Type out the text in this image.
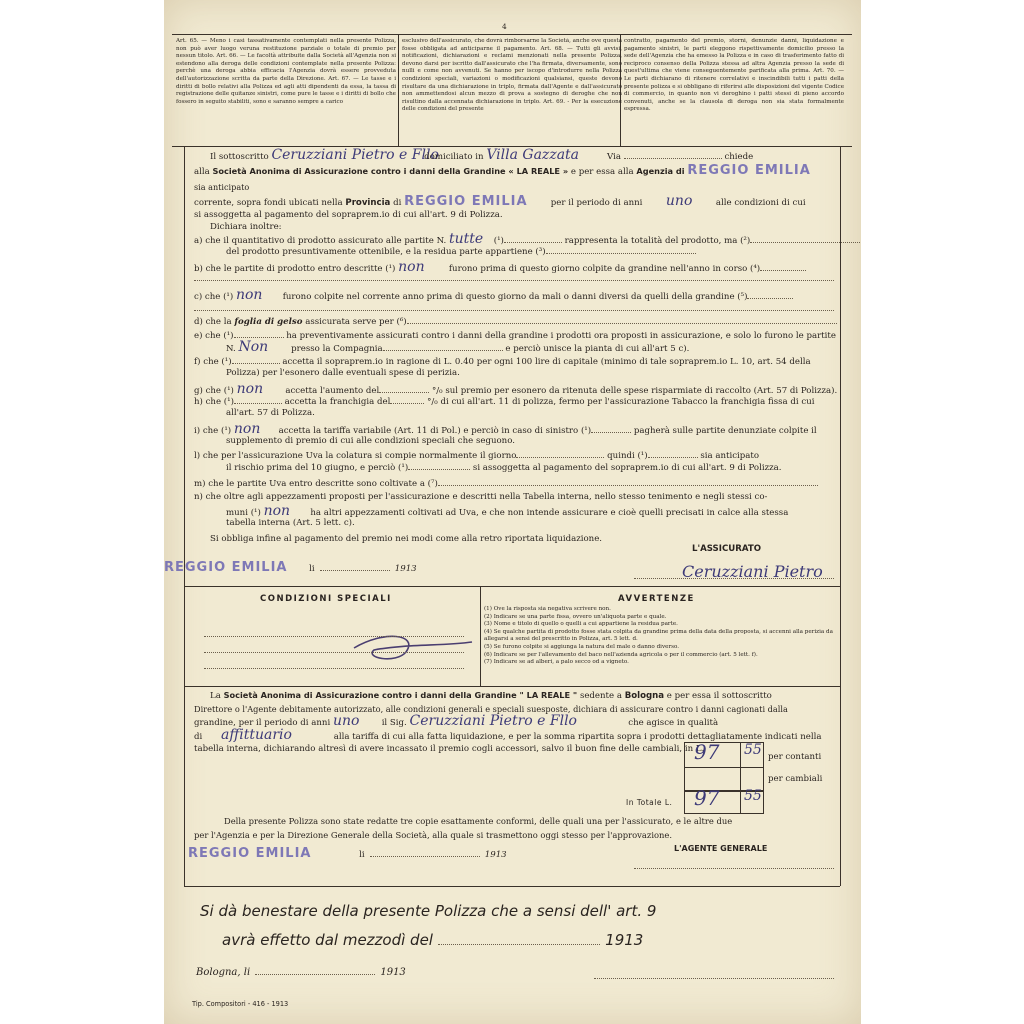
4
Art. 65. — Meno i casi tassativamente contemplati nella presente Polizza, non può aver luogo veruna restituzione parziale o totale di premio per nessun titolo. Art. 66. — Le facoltà attribuite dalla Società all'Agenzia non si estendono alla deroga delle condizioni contemplate nella presente Polizza: perchè una deroga abbia efficacia l'Agenzia dovrà essere provveduta dell'autorizzazione scritta da parte della Direzione. Art. 67. — Le tasse e i diritti di bollo relativi alla Polizza ed agli atti dipendenti da essa, la tassa di registrazione delle quitanze sinistri, come pure le tasse e i diritti di bollo che fossero in seguito stabiliti, sono e saranno sempre a carico
esclusivo dell'assicurato, che dovrà rimborsarne la Società, anche ove questa fosse obbligata ad anticiparne il pagamento. Art. 68. — Tutti gli avvisi, notificazioni, dichiarazioni e reclami menzionati nella presente Polizza, devono darsi per iscritto dall'assicurato che l'ha firmata, diversamente, sono nulli e come non avvenuti. Se hanno per iscopo d'introdurre nella Polizza condizioni speciali, variazioni o modificazioni qualsiansi, queste devono risultare da una dichiarazione in triplo, firmata dall'Agente e dall'assicurato non ammettendosi alcun mezzo di prova a sostegno di deroghe che non risultino dalla accennata dichiarazione in triplo. Art. 69. - Per la esecuzione delle condizioni del presente
contratto, pagamento del premio, storni, denunzie danni, liquidazione e pagamento sinistri, le parti eleggono rispettivamente domicilio presso la sede dell'Agenzia che ha emesso la Polizza e in caso di trasferimento fatto di reciproco consenso della Polizza stessa ad altra Agenzia presso la sede di quest'ultima che viene conseguentemente parificata alla prima. Art. 70. — Le parti dichiarano di ritenere correlativi e inscindibili tutti i patti della presente polizza e si obbligano di riferirsi alle disposizioni del vigente Codice di commercio, in quanto non vi deroghino i patti stessi di pieno accordo convenuti, anche se la clausola di deroga non sia stata formalmente espressa.
Il sottoscritto Ceruzziani Pietro e Fllo domiciliato in Villa Gazzata	Via	chiede
alla Società Anonima di Assicurazione contro i danni della Grandine « LA REALE » e per essa alla Agenzia di REGGIO EMILIA
sia anticipato
corrente, sopra fondi ubicati nella Provincia di REGGIO EMILIA	per il periodo di anni uno	alle condizioni di cui
si assoggetta al pagamento del sopraprem.io di cui all'art. 9 di Polizza.
Dichiara inoltre:
a) che il quantitativo di prodotto assicurato alle partite N. tutte (¹)	rappresenta la totalità del prodotto, ma (²)
del prodotto presuntivamente ottenibile, e la residua parte appartiene (³)
b) che le partite di prodotto entro descritte (¹) non	furono prima di questo giorno colpite da grandine nell'anno in corso (⁴)
c) che (¹) non furono colpite nel corrente anno prima di questo giorno da mali o danni diversi da quelli della grandine (⁵)
d) che la foglia di gelso assicurata serve per (⁶)
e) che (¹)	ha preventivamente assicurati contro i danni della grandine i prodotti ora proposti in assicurazione, e solo lo furono le partite
N. Non	presso la Compagnia	e perciò unisce la pianta di cui all'art 5 c).
f) che (¹)	accetta il sopraprem.io in ragione di L. 0.40 per ogni 100 lire di capitale (minimo di tale sopraprem.io L. 10, art. 54 della
Polizza) per l'esonero dalle eventuali spese di perizia.
g) che (¹) non	accetta l'aumento del	°/₀ sul premio per esonero da ritenuta delle spese risparmiate di raccolto (Art. 57 di Polizza).
h) che (¹)	accetta la franchigia del	°/₀ di cui all'art. 11 di polizza, fermo per l'assicurazione Tabacco la franchigia fissa di cui
all'art. 57 di Polizza.
i) che (¹) non accetta la tariffa variabile (Art. 11 di Pol.) e perciò in caso di sinistro (¹)	pagherà sulle partite denunziate colpite il
supplemento di premio di cui alle condizioni speciali che seguono.
l) che per l'assicurazione Uva la colatura si compie normalmente il giorno	quindi (¹)	sia anticipato
il rischio prima del 10 giugno, e perciò (¹)	si assoggetta al pagamento del sopraprem.io di cui all'art. 9 di Polizza.
m) che le partite Uva entro descritte sono coltivate a (⁷)
n) che oltre agli appezzamenti proposti per l'assicurazione e descritti nella Tabella interna, nello stesso tenimento e negli stessi co-
muni (¹) non ha altri appezzamenti coltivati ad Uva, e che non intende assicurare e cioè quelli precisati in calce alla stessa
tabella interna (Art. 5 lett. c).
Si obbliga infine al pagamento del premio nei modi come alla retro riportata liquidazione.
L'ASSICURATO
REGGIO EMILIA	li	1913	Ceruzziani Pietro
CONDIZIONI SPECIALI	AVVERTENZE
(1) Ove la risposta sia negativa scrivere non.
(2) Indicare se una parte fissa, ovvero un'aliquota parte e quale.
(3) Nome e titolo di quello o quelli a cui appartiene la residua parte.
(4) Se qualche partita di prodotto fosse stata colpita da grandine prima della data della proposta, si accenni alla perizia da allegarsi a sensi del prescritto in Polizza, art. 5 lett. d.
(5) Se furono colpite si aggiunga la natura del male o danno diverso.
(6) Indicare se per l'allevamento del baco nell'azienda agricola o per il commercio (art. 5 lett. f).
(7) Indicare se ad alberi, a palo secco od a vigneto.
La Società Anonima di Assicurazione contro i danni della Grandine " LA REALE " sedente a Bologna e per essa il sottoscritto
Direttore o l'Agente debitamente autorizzato, alle condizioni generali e speciali suesposte, dichiara di assicurare contro i danni cagionati dalla
grandine, per il periodo di anni uno	il Sig. Ceruzziani Pietro e Fllo	che agisce in qualità
di affittuario	alla tariffa di cui alla fatta liquidazione, e per la somma ripartita sopra i prodotti dettagliatamente indicati nella
tabella interna, dichiarando altresì di avere incassato il premio cogli accessori, salvo il buon fine delle cambiali, in L.
97 55 per contanti
per cambiali
In Totale L. 97 55
Della presente Polizza sono state redatte tre copie esattamente conformi, delle quali una per l'assicurato, e le altre due
per l'Agenzia e per la Direzione Generale della Società, alla quale si trasmettono oggi stesso per l'approvazione.
L'AGENTE GENERALE
REGGIO EMILIA	li	1913
Si dà benestare della presente Polizza che a sensi dell' art. 9
avrà effetto dal mezzodì del	1913
Bologna, li	1913
Tip. Compositori - 416 - 1913
